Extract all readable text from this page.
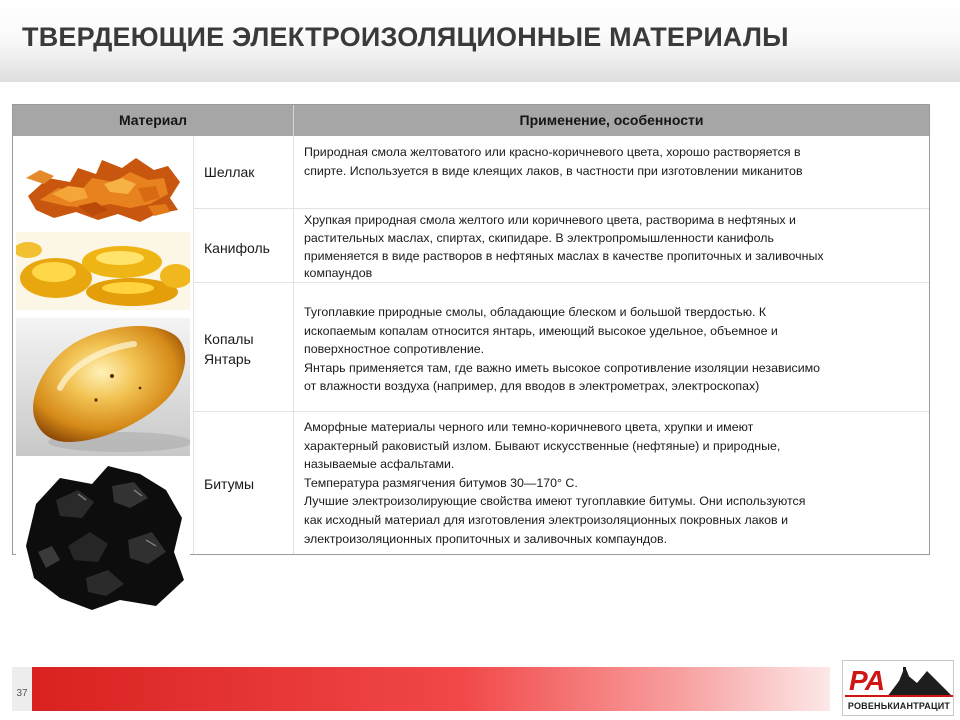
ТВЕРДЕЮЩИЕ ЭЛЕКТРОИЗОЛЯЦИОННЫЕ МАТЕРИАЛЫ
Материал	Применение, особенности
Шеллак
Природная смола желтоватого или красно-коричневого цвета, хорошо растворяется в
спирте. Используется в виде клеящих лаков, в частности при изготовлении миканитов
Канифоль
Хрупкая природная смола желтого или коричневого цвета, растворима в нефтяных и
растительных маслах, спиртах, скипидаре. В электропромышленности канифоль
применяется в виде растворов в нефтяных маслах в качестве пропиточных и заливочных
компаундов
Копалы
Янтарь
Тугоплавкие природные смолы, обладающие блеском и большой твердостью. К
ископаемым копалам относится янтарь, имеющий высокое удельное, объемное и
поверхностное сопротивление.
Янтарь применяется там, где важно иметь высокое сопротивление изоляции независимо
от влажности воздуха (например, для вводов в электрометрах, электроскопах)
Битумы
Аморфные материалы черного или темно-коричневого цвета, хрупки и имеют
характерный раковистый излом. Бывают искусственные (нефтяные) и природные,
называемые асфальтами.
Температура размягчения битумов 30—170° С.
Лучшие электроизолирующие свойства имеют тугоплавкие битумы. Они используются
как исходный материал для изготовления электроизоляционных покровных лаков и
электроизоляционных пропиточных и заливочных компаундов.
37	РА
РОВЕНЬКИАНТРАЦИТ
